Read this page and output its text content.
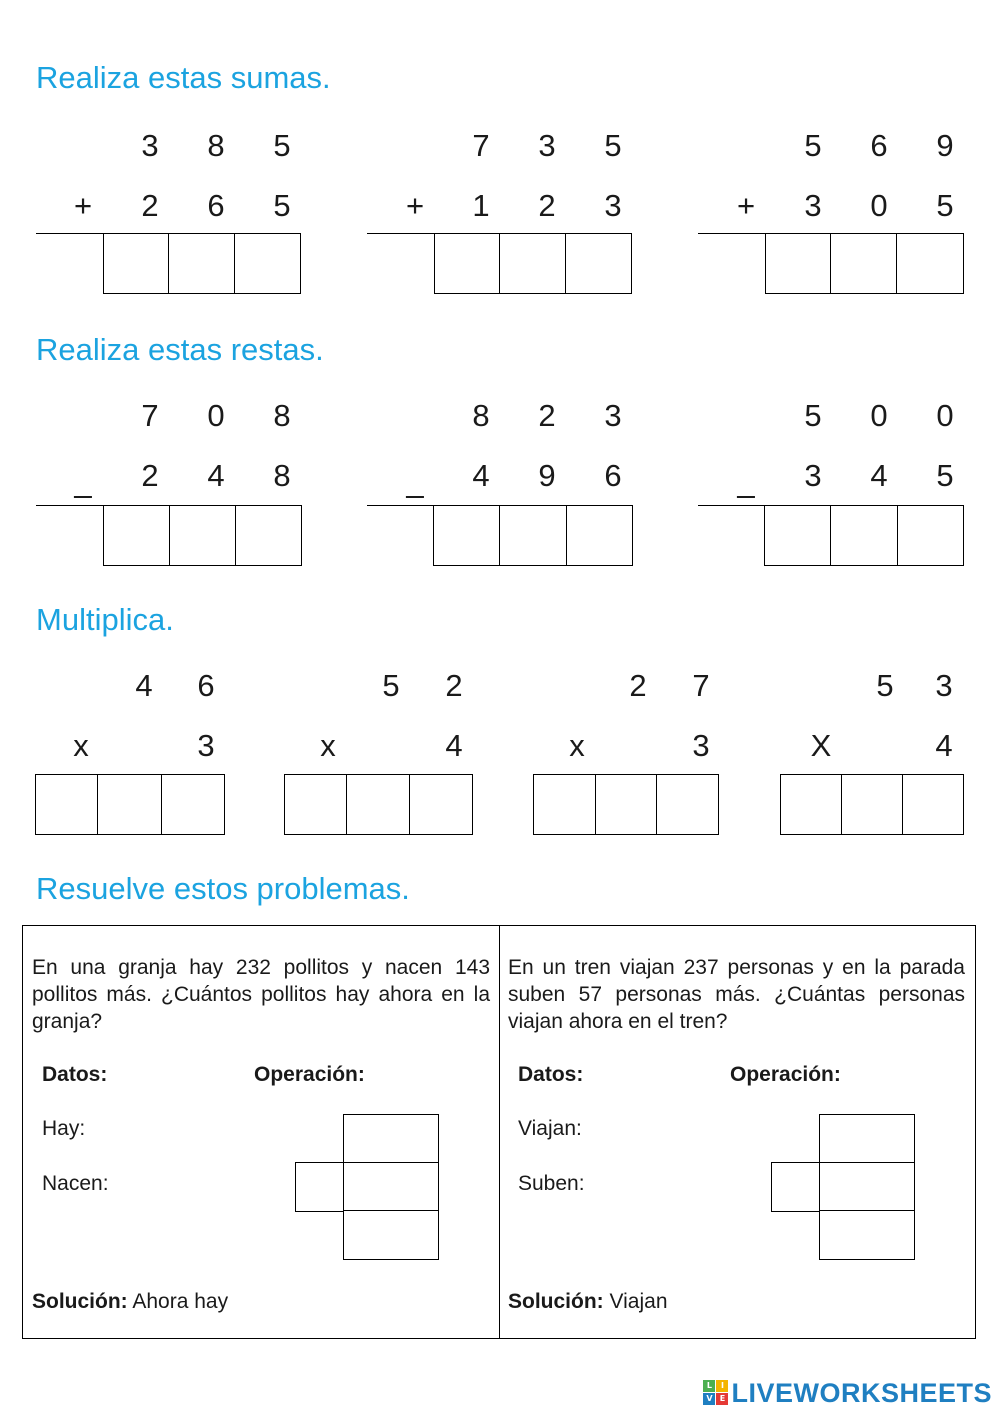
Realiza estas sumas.
Realiza estas restas.
Multiplica.
Resuelve estos problemas.
3	8	5
+	2	6	5
7	3	5
+	1	2	3
5	6	9
+	3	0	5
7	0	8
_	2	4	8
8	2	3
_	4	9	6
5	0	0
_	3	4	5
4	6
x	3
5	2
x	4
2	7
x	3
5	3
X	4
En una granja hay 232 pollitos y nacen 143 pollitos más. ¿Cuántos pollitos hay ahora en la granja?
Datos:	Operación:
Hay:
Nacen:
Solución: Ahora hay
En un tren viajan 237 personas y en la parada suben 57 personas más. ¿Cuántas personas viajan ahora en el tren?
Datos:	Operación:
Viajan:
Suben:
Solución: Viajan
L	I
V E LIVEWORKSHEETS
